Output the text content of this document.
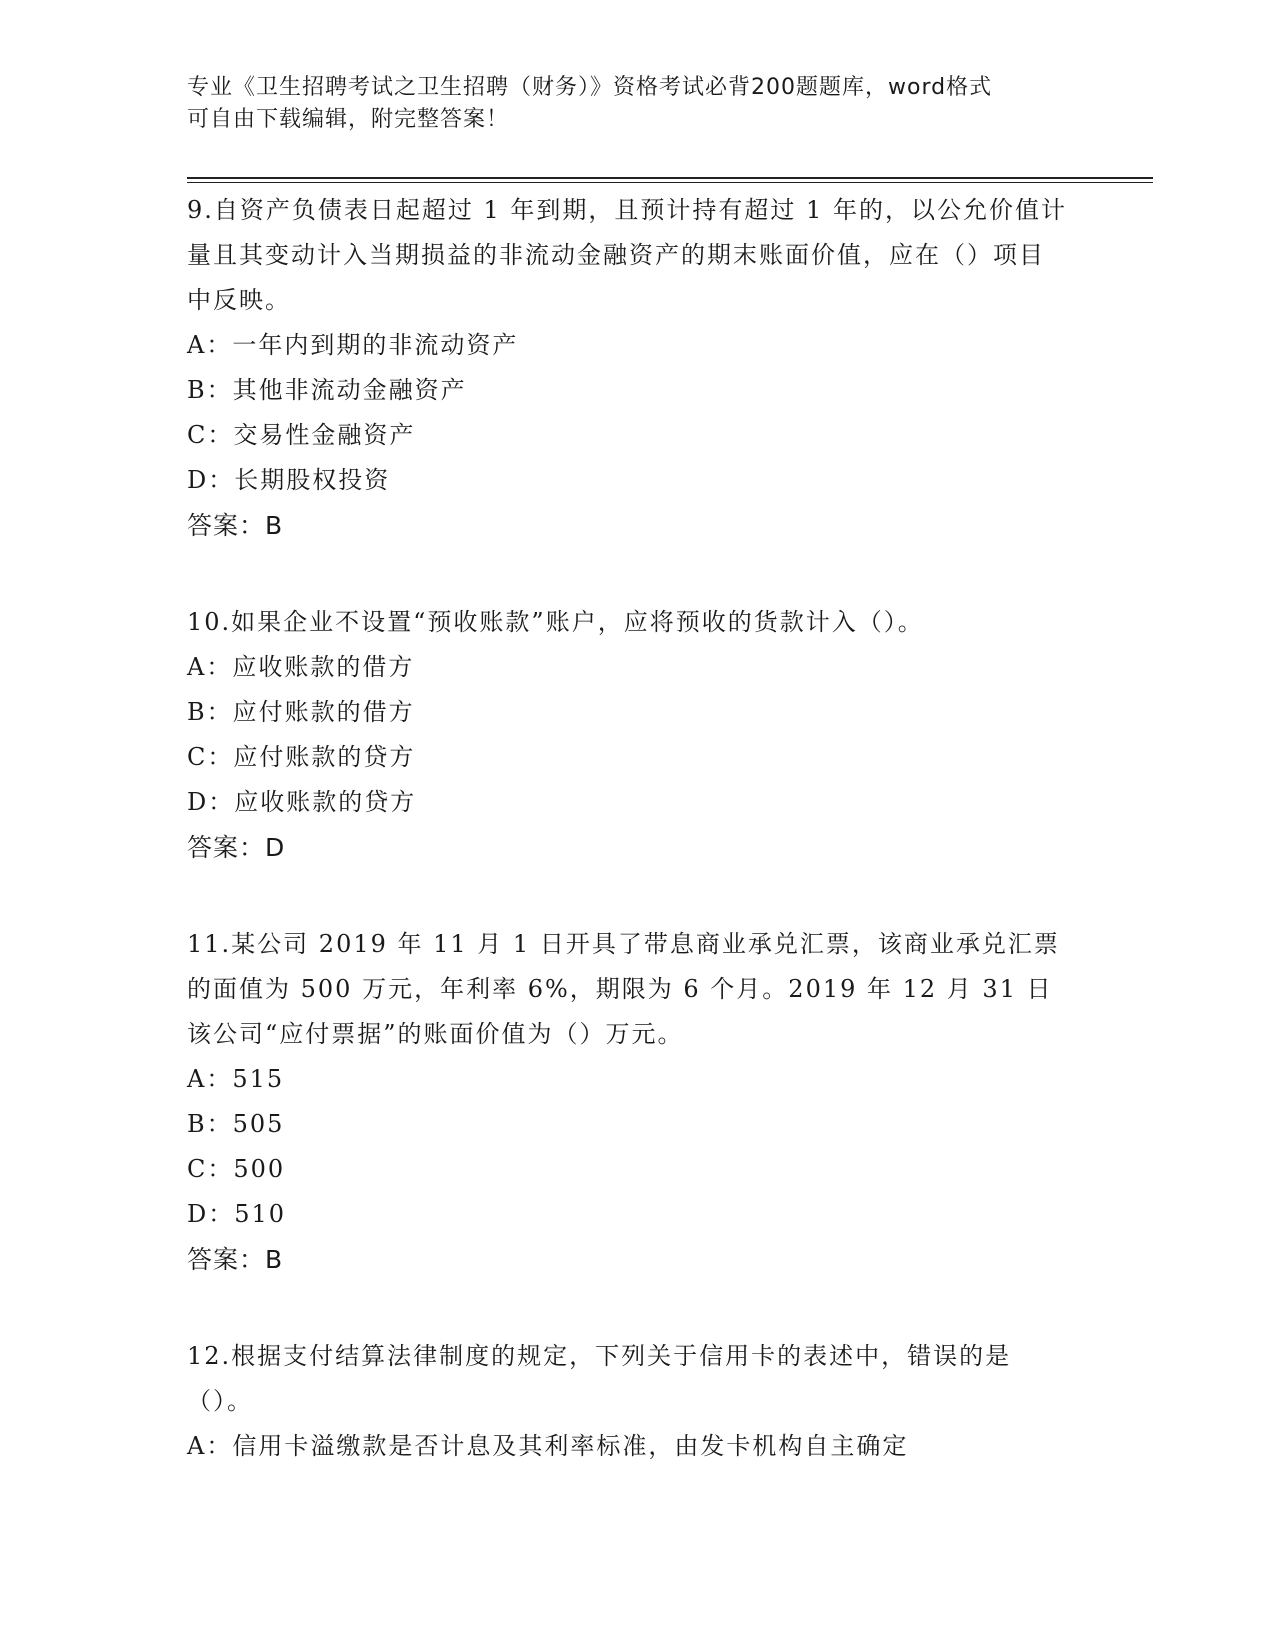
专业《卫生招聘考试之卫生招聘（财务）》资格考试必背200题题库，word格式
可自由下载编辑，附完整答案！

9.自资产负债表日起超过 1 年到期，且预计持有超过 1 年的，以公允价值计量且其变动计入当期损益的非流动金融资产的期末账面价值，应在（）项目中反映。

A：一年内到期的非流动资产

B：其他非流动金融资产

C：交易性金融资产

D：长期股权投资

答案：B

10.如果企业不设置“预收账款”账户，应将预收的货款计入（）。

A：应收账款的借方

B：应付账款的借方

C：应付账款的贷方

D：应收账款的贷方

答案：D

11.某公司 2019 年 11 月 1 日开具了带息商业承兑汇票，该商业承兑汇票的面值为 500 万元，年利率 6%，期限为 6 个月。2019 年 12 月 31 日该公司“应付票据”的账面价值为（）万元。

A：515

B：505

C：500

D：510

答案：B

12.根据支付结算法律制度的规定，下列关于信用卡的表述中，错误的是（）。

A：信用卡溢缴款是否计息及其利率标准，由发卡机构自主确定
